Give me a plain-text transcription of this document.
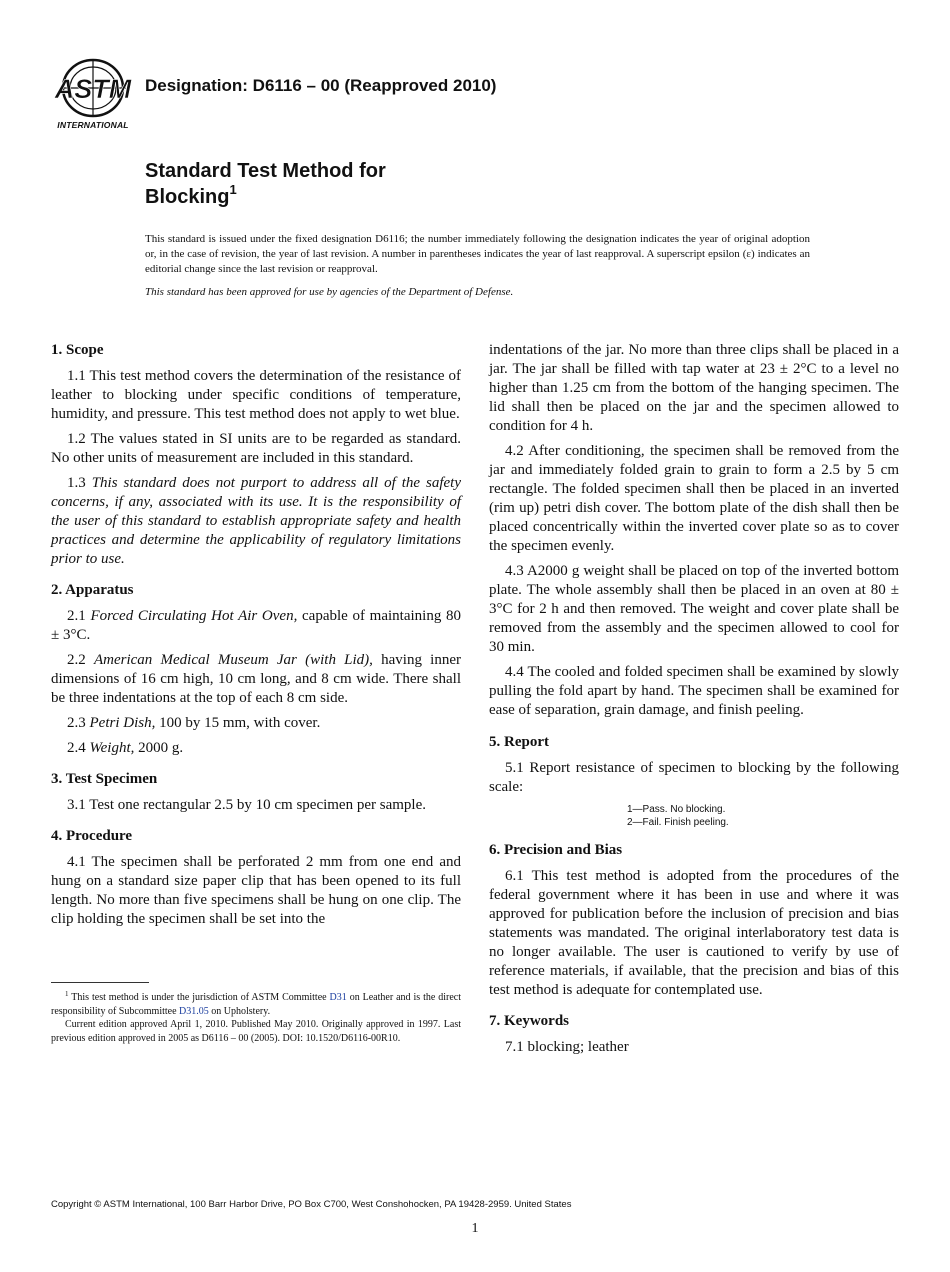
ASTM
INTERNATIONAL
Designation: D6116 – 00 (Reapproved 2010)
Standard Test Method for
Blocking$^1$
This standard is issued under the fixed designation D6116; the number immediately following the designation indicates the year of original adoption or, in the case of revision, the year of last revision. A number in parentheses indicates the year of last reapproval. A superscript epsilon (ε) indicates an editorial change since the last revision or reapproval.
This standard has been approved for use by agencies of the Department of Defense.
1. Scope

1.1 This test method covers the determination of the resistance of leather to blocking under specific conditions of temperature, humidity, and pressure. This test method does not apply to wet blue.

1.2 The values stated in SI units are to be regarded as standard. No other units of measurement are included in this standard.

1.3 This standard does not purport to address all of the safety concerns, if any, associated with its use. It is the responsibility of the user of this standard to establish appropriate safety and health practices and determine the applicability of regulatory limitations prior to use.

2. Apparatus

2.1 Forced Circulating Hot Air Oven, capable of maintaining 80 ± 3°C.

2.2 American Medical Museum Jar (with Lid), having inner dimensions of 16 cm high, 10 cm long, and 8 cm wide. There shall be three indentations at the top of each 8 cm side.

2.3 Petri Dish, 100 by 15 mm, with cover.

2.4 Weight, 2000 g.

3. Test Specimen

3.1 Test one rectangular 2.5 by 10 cm specimen per sample.

4. Procedure

4.1 The specimen shall be perforated 2 mm from one end and hung on a standard size paper clip that has been opened to its full length. No more than five specimens shall be hung on one clip. The clip holding the specimen shall be set into the

$^1$ This test method is under the jurisdiction of ASTM Committee D31 on Leather and is the direct responsibility of Subcommittee D31.05 on Upholstery.

Current edition approved April 1, 2010. Published May 2010. Originally approved in 1997. Last previous edition approved in 2005 as D6116 – 00 (2005). DOI: 10.1520/D6116-00R10.

indentations of the jar. No more than three clips shall be placed in a jar. The jar shall be filled with tap water at 23 ± 2°C to a level no higher than 1.25 cm from the bottom of the hanging specimen. The lid shall then be placed on the jar and the specimen allowed to condition for 4 h.

4.2 After conditioning, the specimen shall be removed from the jar and immediately folded grain to grain to form a 2.5 by 5 cm rectangle. The folded specimen shall then be placed in an inverted (rim up) petri dish cover. The bottom plate of the dish shall then be placed concentrically within the inverted cover plate so as to cover the specimen evenly.

4.3 A2000 g weight shall be placed on top of the inverted bottom plate. The whole assembly shall then be placed in an oven at 80 ± 3°C for 2 h and then removed. The weight and cover plate shall be removed from the assembly and the specimen allowed to cool for 30 min.

4.4 The cooled and folded specimen shall be examined by slowly pulling the fold apart by hand. The specimen shall be examined for ease of separation, grain damage, and finish peeling.

5. Report

5.1 Report resistance of specimen to blocking by the following scale:

1—Pass. No blocking.
2—Fail. Finish peeling.
6. Precision and Bias

6.1 This test method is adopted from the procedures of the federal government where it has been in use and where it was approved for publication before the inclusion of precision and bias statements was mandated. The original interlaboratory test data is no longer available. The user is cautioned to verify by use of reference materials, if available, that the precision and bias of this test method is adequate for contemplated use.

7. Keywords

7.1 blocking; leather

Copyright © ASTM International, 100 Barr Harbor Drive, PO Box C700, West Conshohocken, PA 19428-2959. United States
1
